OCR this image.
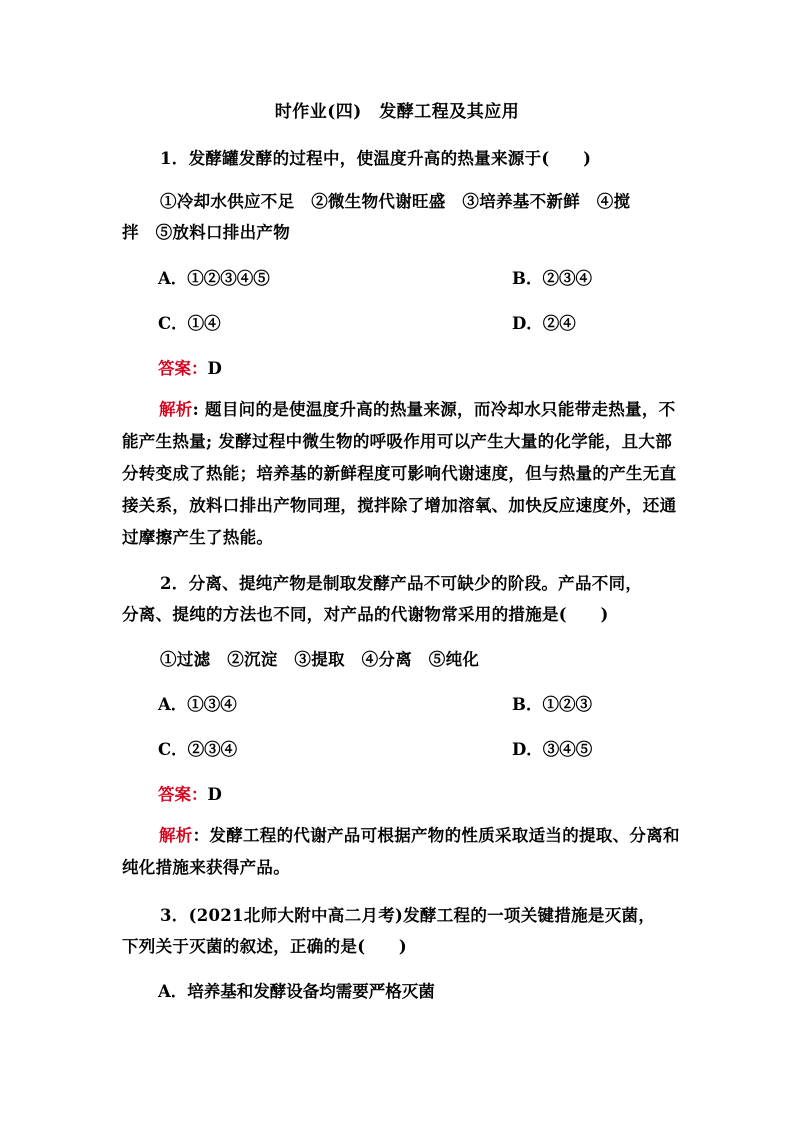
时作业(四)　发酵工程及其应用
1．发酵罐发酵的过程中，使温度升高的热量来源于(　　)
①冷却水供应不足　②微生物代谢旺盛　③培养基不新鲜　④搅
拌　⑤放料口排出产物
A．①②③④⑤	B．②③④
C．①④	D．②④
答案：D
解析: 题目问的是使温度升高的热量来源，而冷却水只能带走热量，不能产生热量; 发酵过程中微生物的呼吸作用可以产生大量的化学能，且大部分转变成了热能；培养基的新鲜程度可影响代谢速度，但与热量的产生无直接关系，放料口排出产物同理，搅拌除了增加溶氧、加快反应速度外，还通过摩擦产生了热能。
2．分离、提纯产物是制取发酵产品不可缺少的阶段。产品不同，
分离、提纯的方法也不同，对产品的代谢物常采用的措施是(　　)
①过滤　②沉淀　③提取　④分离　⑤纯化
A．①③④	B．①②③
C．②③④	D．③④⑤
答案：D
解析：发酵工程的代谢产品可根据产物的性质采取适当的提取、分离和纯化措施来获得产品。
3．(2021北师大附中高二月考)发酵工程的一项关键措施是灭菌，
下列关于灭菌的叙述，正确的是(　　)
A．培养基和发酵设备均需要严格灭菌
